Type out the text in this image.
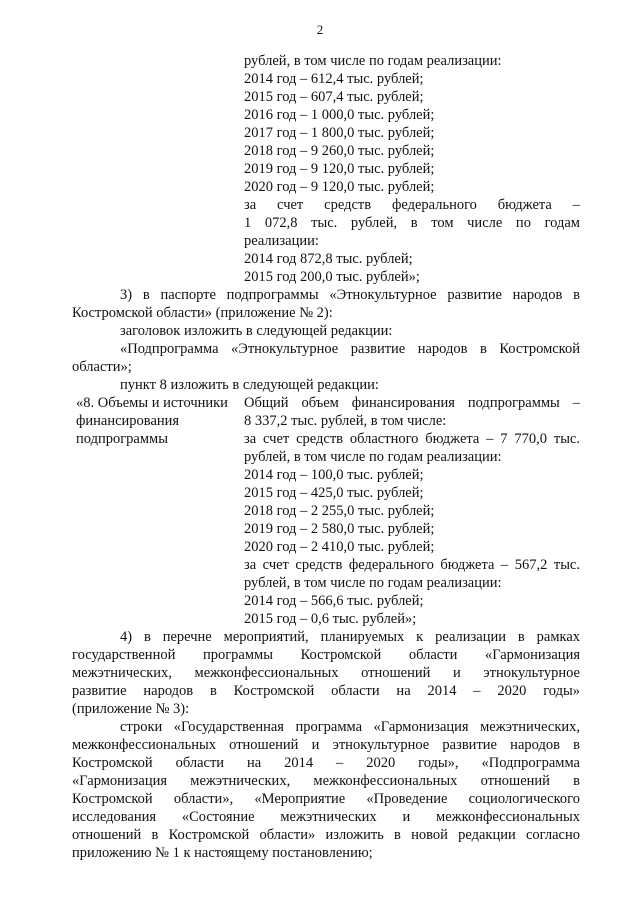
2
рублей, в том числе по годам реализации:
2014 год – 612,4 тыс. рублей;
2015 год – 607,4 тыс. рублей;
2016 год – 1 000,0 тыс. рублей;
2017 год – 1 800,0 тыс. рублей;
2018 год – 9 260,0 тыс. рублей;
2019 год – 9 120,0 тыс. рублей;
2020 год – 9 120,0 тыс. рублей;
за счет средств федерального бюджета –
1 072,8 тыс. рублей, в том числе по годам
реализации:
2014 год 872,8 тыс. рублей;
2015 год 200,0 тыс. рублей»;
3) в паспорте подпрограммы «Этнокультурное развитие народов в
Костромской области» (приложение № 2):
заголовок изложить в следующей редакции:
«Подпрограмма «Этнокультурное развитие народов в Костромской
области»;
пункт 8 изложить в следующей редакции:
«8. Объемы и источники
финансирования
подпрограммы
Общий объем финансирования подпрограммы –
8 337,2 тыс. рублей, в том числе:
за счет средств областного бюджета – 7 770,0 тыс.
рублей, в том числе по годам реализации:
2014 год – 100,0 тыс. рублей;
2015 год – 425,0 тыс. рублей;
2018 год – 2 255,0 тыс. рублей;
2019 год – 2 580,0 тыс. рублей;
2020 год – 2 410,0 тыс. рублей;
за счет средств федерального бюджета – 567,2 тыс.
рублей, в том числе по годам реализации:
2014 год – 566,6 тыс. рублей;
2015 год – 0,6 тыс. рублей»;
4) в перечне мероприятий, планируемых к реализации в рамках
государственной программы Костромской области «Гармонизация
межэтнических, межконфессиональных отношений и этнокультурное
развитие народов в Костромской области на 2014 – 2020 годы»
(приложение № 3):
строки «Государственная программа «Гармонизация межэтнических,
межконфессиональных отношений и этнокультурное развитие народов в
Костромской области на 2014 – 2020 годы», «Подпрограмма
«Гармонизация межэтнических, межконфессиональных отношений в
Костромской области», «Мероприятие «Проведение социологического
исследования «Состояние межэтнических и межконфессиональных
отношений в Костромской области» изложить в новой редакции согласно
приложению № 1 к настоящему постановлению;
